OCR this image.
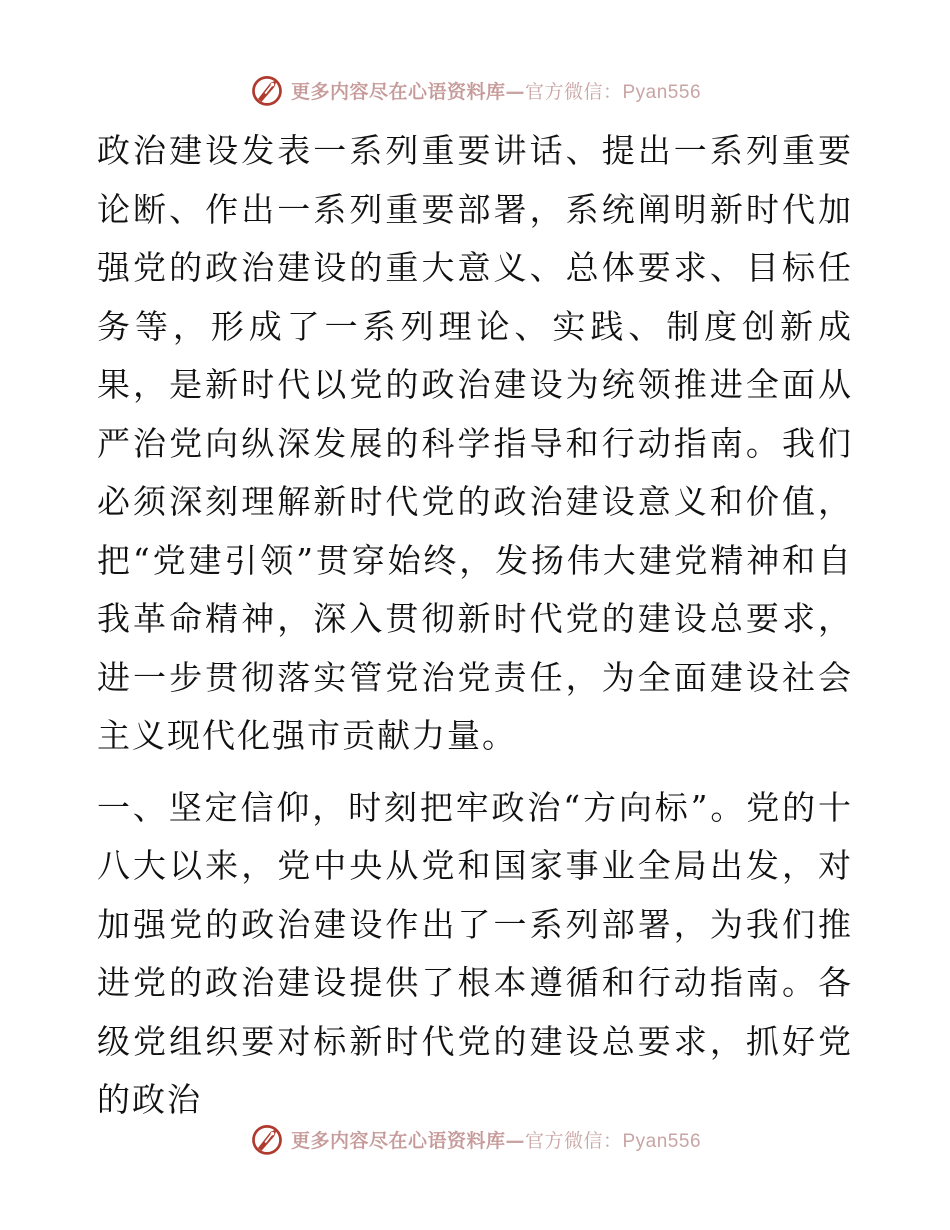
更多内容尽在心语资料库—官方微信：Pyan556

政治建设发表一系列重要讲话、提出一系列重要论断、作出一系列重要部署，系统阐明新时代加强党的政治建设的重大意义、总体要求、目标任务等，形成了一系列理论、实践、制度创新成果，是新时代以党的政治建设为统领推进全面从严治党向纵深发展的科学指导和行动指南。我们必须深刻理解新时代党的政治建设意义和价值，把“党建引领”贯穿始终，发扬伟大建党精神和自我革命精神，深入贯彻新时代党的建设总要求，进一步贯彻落实管党治党责任，为全面建设社会主义现代化强市贡献力量。

一、坚定信仰，时刻把牢政治“方向标”。党的十八大以来，党中央从党和国家事业全局出发，对加强党的政治建设作出了一系列部署，为我们推进党的政治建设提供了根本遵循和行动指南。各级党组织要对标新时代党的建设总要求，抓好党的政治

更多内容尽在心语资料库—官方微信：Pyan556
